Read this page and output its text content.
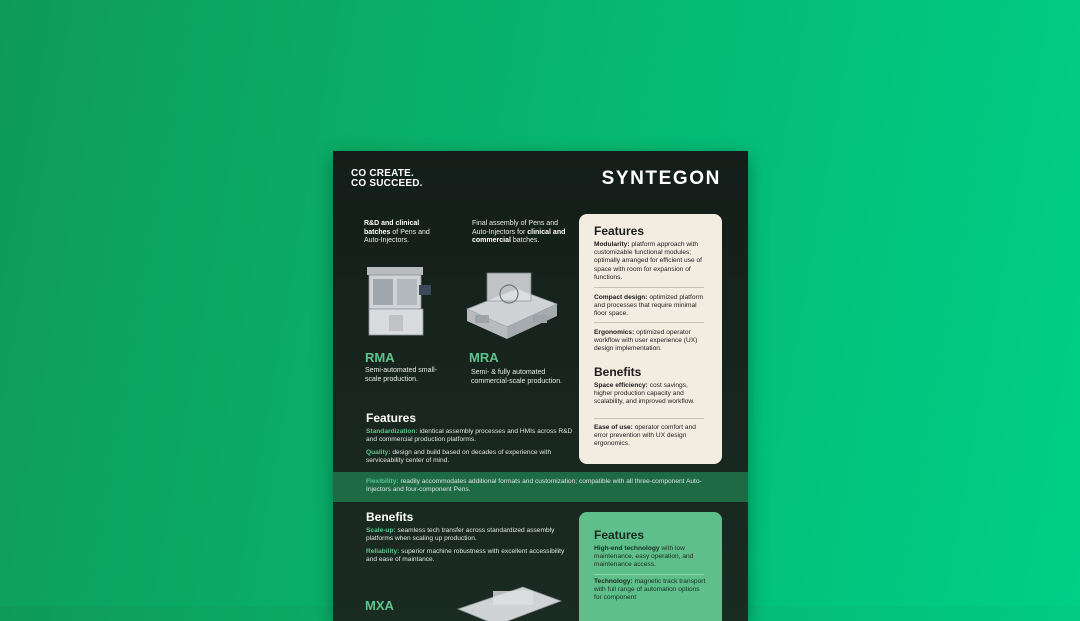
CO CREATE.
CO SUCCEED.	SYNTEGON
R&D and clinical batches of Pens and Auto-Injectors.
Final assembly of Pens and Auto-Injectors for clinical and commercial batches.
RMA
Semi-automated small-scale production.
MRA
Semi- & fully automated commercial-scale production.
Features
Standardization: identical assembly processes and HMIs across R&D and commercial production platforms.
Quality: design and build based on decades of experience with serviceability center of mind.
Flexibility: readily accommodates additional formats and customization; compatible with all three-component Auto-Injectors and four-component Pens.
Benefits
Scale-up: seamless tech transfer across standardized assembly platforms when scaling up production.
Reliability: superior machine robustness with excellent accessibility and ease of maintance.
MXA
Features
Modularity: platform approach with customizable functional modules; optimally arranged for efficient use of space with room for expansion of functions.
Compact design: optimized platform and processes that require minimal floor space.
Ergonomics: optimized operator workflow with user experience (UX) design implementation.
Benefits
Space efficiency: cost savings, higher production capacity and scalability, and improved workflow.
Ease of use: operator comfort and error prevention with UX design ergonomics.
Features
High-end technology with low maintenance, easy operation, and maintenance access.
Technology: magnetic track transport with full range of automation options for component
